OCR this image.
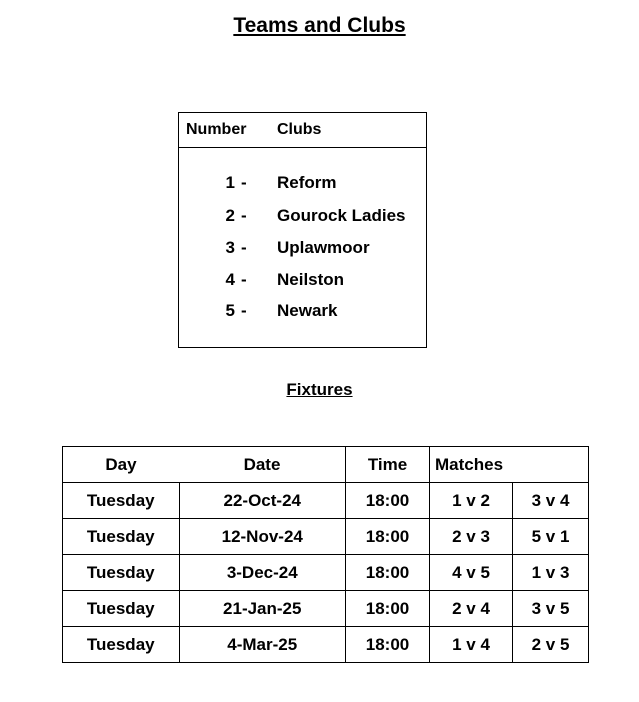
Teams and Clubs
Number Clubs
1 - Reform
2 - Gourock Ladies
3 - Uplawmoor
4 - Neilston
5 - Newark
Fixtures
Day	Date	Time	Matches	
Tuesday	22-Oct-24	18:00	1 v 2	3 v 4
Tuesday	12-Nov-24	18:00	2 v 3	5 v 1
Tuesday	3-Dec-24	18:00	4 v 5	1 v 3
Tuesday	21-Jan-25	18:00	2 v 4	3 v 5
Tuesday	4-Mar-25	18:00	1 v 4	2 v 5
